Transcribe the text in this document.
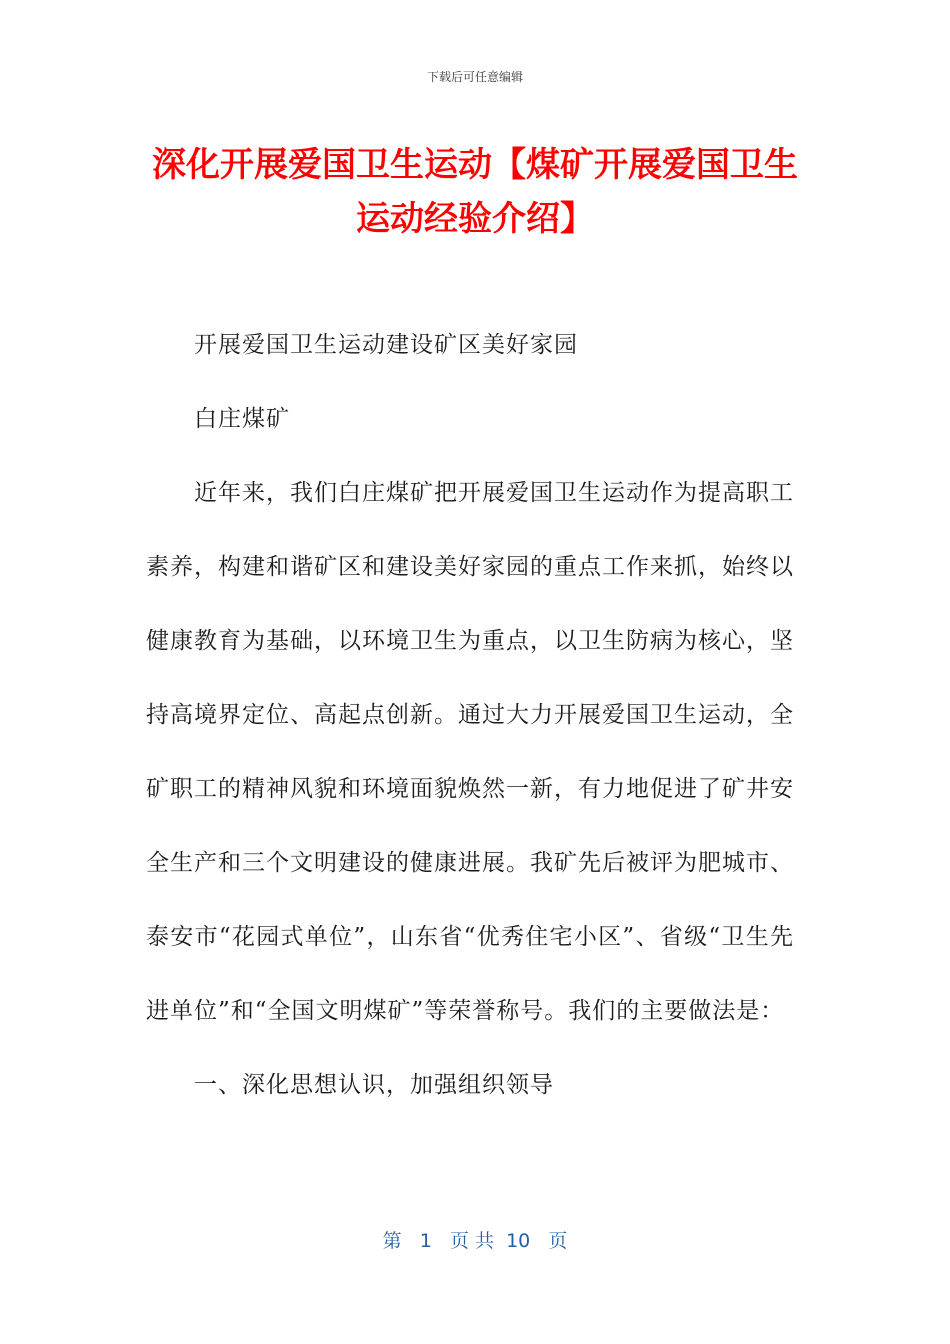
下载后可任意编辑
深化开展爱国卫生运动【煤矿开展爱国卫生
运动经验介绍】

开展爱国卫生运动建设矿区美好家园

白庄煤矿

近年来，我们白庄煤矿把开展爱国卫生运动作为提高职工素养，构建和谐矿区和建设美好家园的重点工作来抓，始终以健康教育为基础，以环境卫生为重点，以卫生防病为核心，坚持高境界定位、高起点创新。通过大力开展爱国卫生运动，全矿职工的精神风貌和环境面貌焕然一新，有力地促进了矿井安全生产和三个文明建设的健康进展。我矿先后被评为肥城市、泰安市“花园式单位”，山东省“优秀住宅小区”、省级“卫生先进单位”和“全国文明煤矿”等荣誉称号。我们的主要做法是：

一、深化思想认识，加强组织领导

第 1 页 共 10 页
